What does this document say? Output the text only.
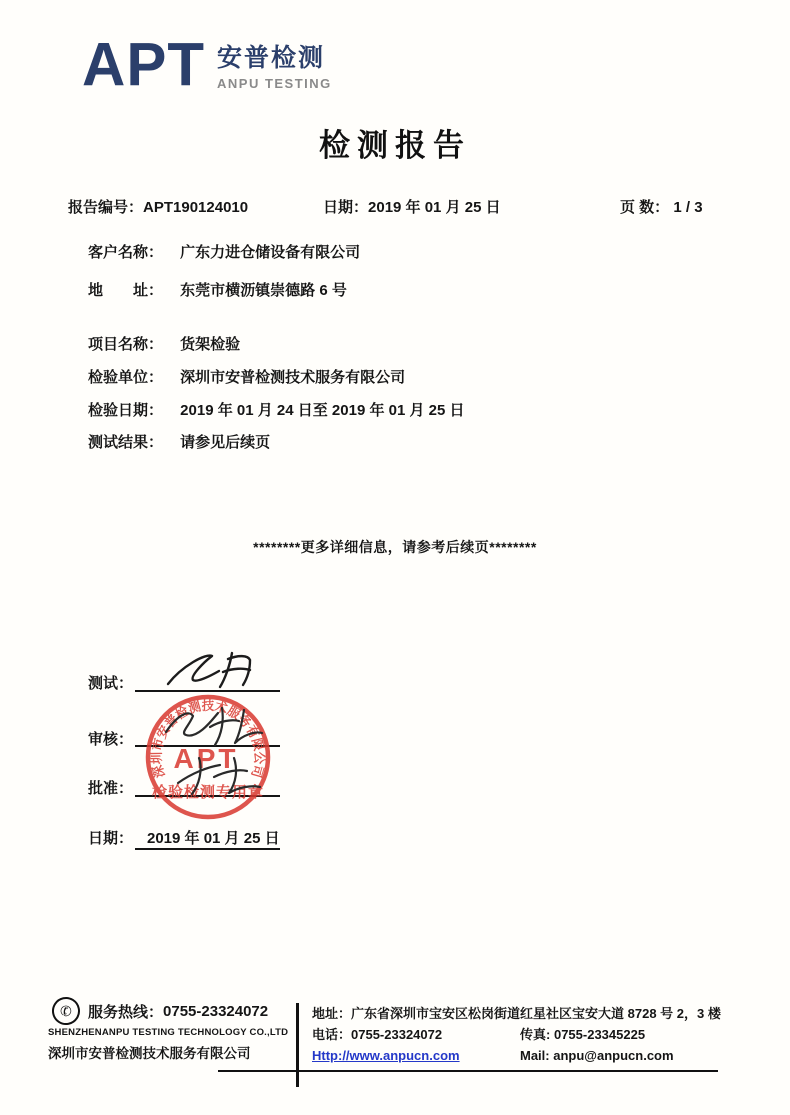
APT 安普检测
ANPU TESTING
检测报告
报告编号：APT190124010	日期：2019 年 01 月 25 日	页 数： 1 / 3
客户名称： 广东力进仓储设备有限公司
地　　址： 东莞市横沥镇崇德路 6 号
项目名称： 货架检验
检验单位： 深圳市安普检测技术服务有限公司
检验日期： 2019 年 01 月 24 日至 2019 年 01 月 25 日
测试结果： 请参见后续页
********更多详细信息，请参考后续页********
测试：
审核：
批准：
日期： 2019 年 01 月 25 日
深圳市安普检测技术服务有限公司
APT
检验检测专用章
✆ 服务热线： 0755-23324072
SHENZHENANPU TESTING TECHNOLOGY CO.,LTD
深圳市安普检测技术服务有限公司
地址：广东省深圳市宝安区松岗街道红星社区宝安大道 8728 号 2，3 楼
电话：0755-23324072	传真: 0755-23345225
Http://www.anpucn.com	Mail: anpu@anpucn.com
